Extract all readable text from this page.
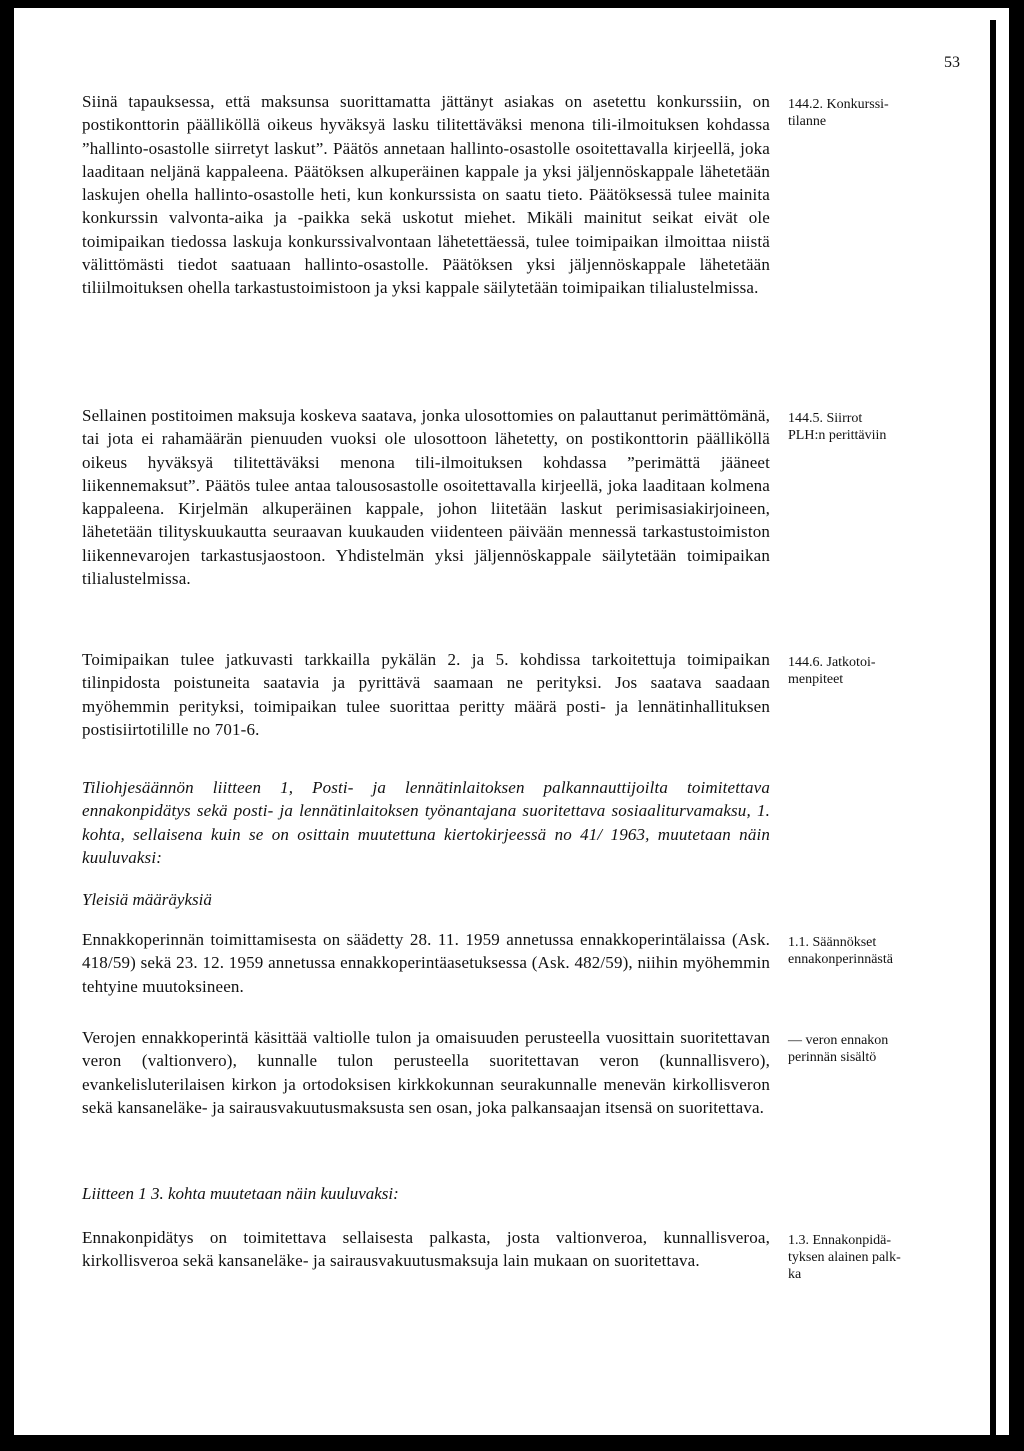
53

Siinä tapauksessa, että maksunsa suorittamatta jättänyt asiakas on asetettu konkurssiin, on postikonttorin päälliköllä oikeus hyväksyä lasku tilitettäväksi menona tili-ilmoituksen kohdassa ”hallinto-osastolle siirretyt laskut”. Päätös annetaan hallinto-osastolle osoitettavalla kirjeellä, joka laaditaan neljänä kappaleena. Päätöksen alkuperäinen kappale ja yksi jäljennöskappale lähetetään laskujen ohella hallinto-osastolle heti, kun konkurssista on saatu tieto. Päätöksessä tulee mainita konkurssin valvonta-aika ja -paikka sekä uskotut miehet. Mikäli mainitut seikat eivät ole toimipaikan tiedossa laskuja konkurssivalvontaan lähetettäessä, tulee toimipaikan ilmoittaa niistä välittömästi tiedot saatuaan hallinto-osastolle. Päätöksen yksi jäljennöskappale lähetetään tiliilmoituksen ohella tarkastustoimistoon ja yksi kappale säilytetään toimipaikan tilialustelmissa.

144.2. Konkurssi-
tilanne

Sellainen postitoimen maksuja koskeva saatava, jonka ulosottomies on palauttanut perimättömänä, tai jota ei rahamäärän pienuuden vuoksi ole ulosottoon lähetetty, on postikonttorin päälliköllä oikeus hyväksyä tilitettäväksi menona tili-ilmoituksen kohdassa ”perimättä jääneet liikennemaksut”. Päätös tulee antaa talousosastolle osoitettavalla kirjeellä, joka laaditaan kolmena kappaleena. Kirjelmän alkuperäinen kappale, johon liitetään laskut perimisasiakirjoineen, lähetetään tilityskuukautta seuraavan kuukauden viidenteen päivään mennessä tarkastustoimiston liikennevarojen tarkastusjaostoon. Yhdistelmän yksi jäljennöskappale säilytetään toimipaikan tilialustelmissa.

144.5. Siirrot
PLH:n perittäviin

Toimipaikan tulee jatkuvasti tarkkailla pykälän 2. ja 5. kohdissa tarkoitettuja toimipaikan tilinpidosta poistuneita saatavia ja pyrittävä saamaan ne perityksi. Jos saatava saadaan myöhemmin perityksi, toimipaikan tulee suorittaa peritty määrä posti- ja lennätinhallituksen postisiirtotilille no 701-6.

144.6. Jatkotoi-
menpiteet

Tiliohjesäännön liitteen 1, Posti- ja lennätinlaitoksen palkannauttijoilta toimitettava ennakonpidätys sekä posti- ja lennätinlaitoksen työnantajana suoritettava sosiaaliturvamaksu, 1. kohta, sellaisena kuin se on osittain muutettuna kiertokirjeessä no 41/ 1963, muutetaan näin kuuluvaksi:

Yleisiä määräyksiä

Ennakkoperinnän toimittamisesta on säädetty 28. 11. 1959 annetussa ennakkoperintälaissa (Ask. 418/59) sekä 23. 12. 1959 annetussa ennakkoperintäasetuksessa (Ask. 482/59), niihin myöhemmin tehtyine muutoksineen.

1.1. Säännökset
ennakonperinnästä

Verojen ennakkoperintä käsittää valtiolle tulon ja omaisuuden perusteella vuosittain suoritettavan veron (valtionvero), kunnalle tulon perusteella suoritettavan veron (kunnallisvero), evankelisluterilaisen kirkon ja ortodoksisen kirkkokunnan seurakunnalle menevän kirkollisveron sekä kansaneläke- ja sairausvakuutusmaksusta sen osan, joka palkansaajan itsensä on suoritettava.

— veron ennakon
perinnän sisältö

Liitteen 1 3. kohta muutetaan näin kuuluvaksi:

Ennakonpidätys on toimitettava sellaisesta palkasta, josta valtionveroa, kunnallisveroa, kirkollisveroa sekä kansaneläke- ja sairausvakuutusmaksuja lain mukaan on suoritettava.

1.3. Ennakonpidä-
tyksen alainen palk-
ka
